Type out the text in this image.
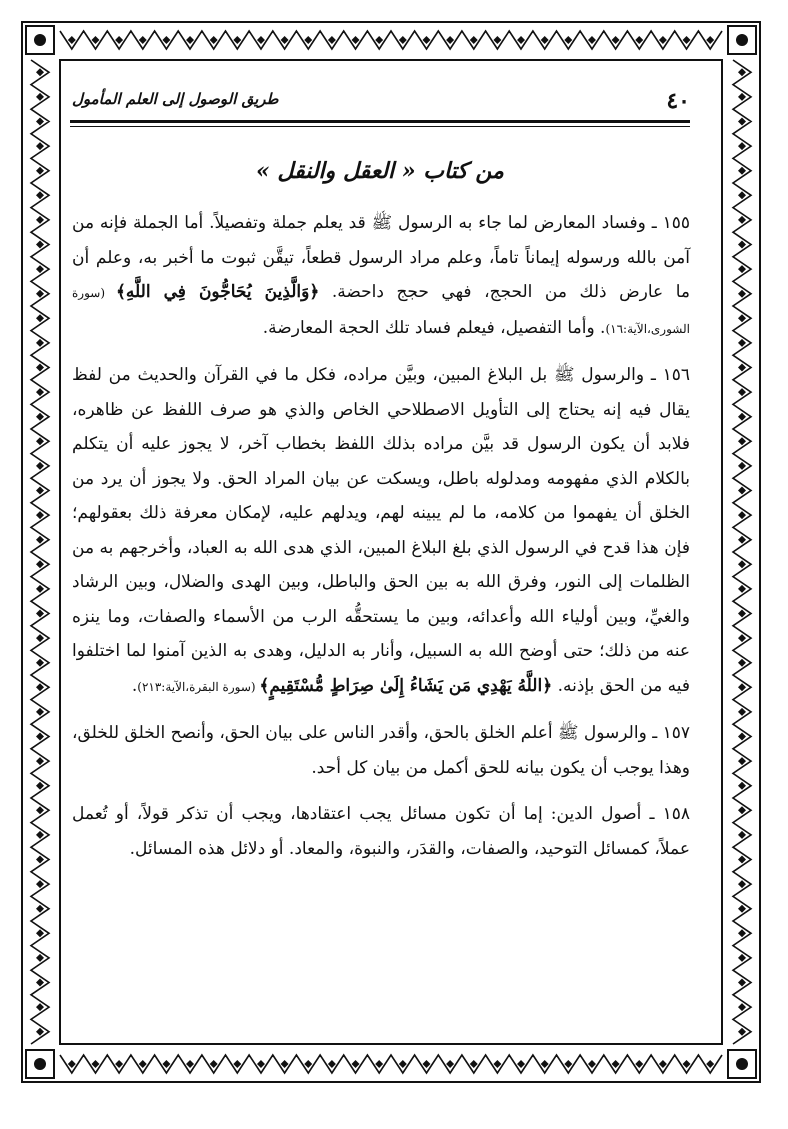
٤٠
طريق الوصول إلى العلم المأمول
من كتاب « العقل والنقل »

١٥٥ ـ وفساد المعارض لما جاء به الرسول ﷺ قد يعلم جملة وتفصيلاً. أما الجملة فإنه من آمن بالله ورسوله إيماناً تاماً، وعلم مراد الرسول قطعاً، تيقَّن ثبوت ما أخبر به، وعلم أن ما عارض ذلك من الحجج، فهي حجج داحضة. ﴿وَالَّذِينَ يُحَاجُّونَ فِي اللَّهِ﴾ (سورة الشورى،الآية:١٦). وأما التفصيل، فيعلم فساد تلك الحجة المعارضة.

١٥٦ ـ والرسول ﷺ بل البلاغ المبين، وبيَّن مراده، فكل ما في القرآن والحديث من لفظ يقال فيه إنه يحتاج إلى التأويل الاصطلاحي الخاص والذي هو صرف اللفظ عن ظاهره، فلابد أن يكون الرسول قد بيَّن مراده بذلك اللفظ بخطاب آخر، لا يجوز عليه أن يتكلم بالكلام الذي مفهومه ومدلوله باطل، ويسكت عن بيان المراد الحق. ولا يجوز أن يرد من الخلق أن يفهموا من كلامه، ما لم يبينه لهم، ويدلهم عليه، لإمكان معرفة ذلك بعقولهم؛ فإن هذا قدح في الرسول الذي بلغ البلاغ المبين، الذي هدى الله به العباد، وأخرجهم به من الظلمات إلى النور، وفرق الله به بين الحق والباطل، وبين الهدى والضلال، وبين الرشاد والغيِّ، وبين أولياء الله وأعدائه، وبين ما يستحقُّه الرب من الأسماء والصفات، وما ينزه عنه من ذلك؛ حتى أوضح الله به السبيل، وأنار به الدليل، وهدى به الذين آمنوا لما اختلفوا فيه من الحق بإذنه. ﴿اللَّهُ يَهْدِي مَن يَشَاءُ إِلَىٰ صِرَاطٍ مُّسْتَقِيمٍ﴾ (سورة البقرة،الآية:٢١٣).

١٥٧ ـ والرسول ﷺ أعلم الخلق بالحق، وأقدر الناس على بيان الحق، وأنصح الخلق للخلق، وهذا يوجب أن يكون بيانه للحق أكمل من بيان كل أحد.

١٥٨ ـ أصول الدين: إما أن تكون مسائل يجب اعتقادها، ويجب أن تذكر قولاً، أو تُعمل عملاً، كمسائل التوحيد، والصفات، والقدَر، والنبوة، والمعاد. أو دلائل هذه المسائل.
